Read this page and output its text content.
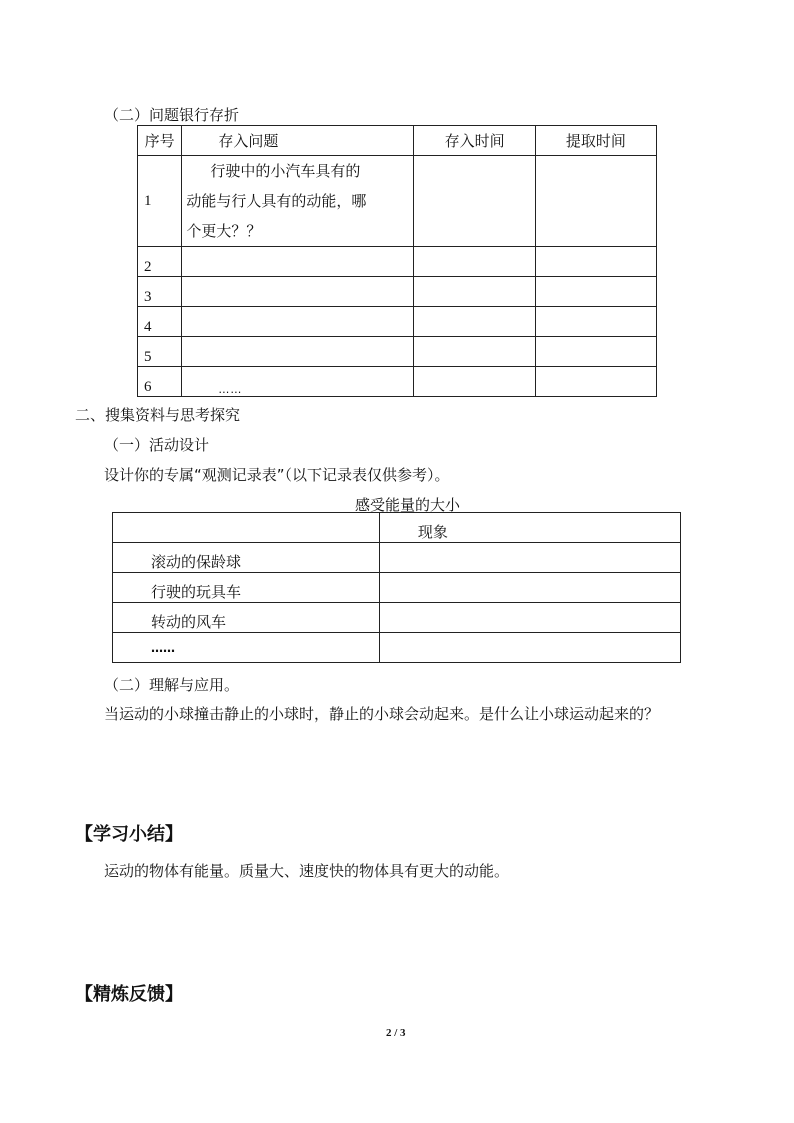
（二）问题银行存折
序号	存入问题	存入时间	提取时间
1	行驶中的小汽车具有的
动能与行人具有的动能，哪
个更大？？		

2			
3			
4			
5			
6	……		
二、搜集资料与思考探究
（一）活动设计
设计你的专属“观测记录表”（以下记录表仅供参考）。
感受能量的大小
	现象
滚动的保龄球	
行驶的玩具车	
转动的风车	
……	
（二）理解与应用。
当运动的小球撞击静止的小球时，静止的小球会动起来。是什么让小球运动起来的？
【学习小结】
运动的物体有能量。质量大、速度快的物体具有更大的动能。
【精炼反馈】
2 / 3
